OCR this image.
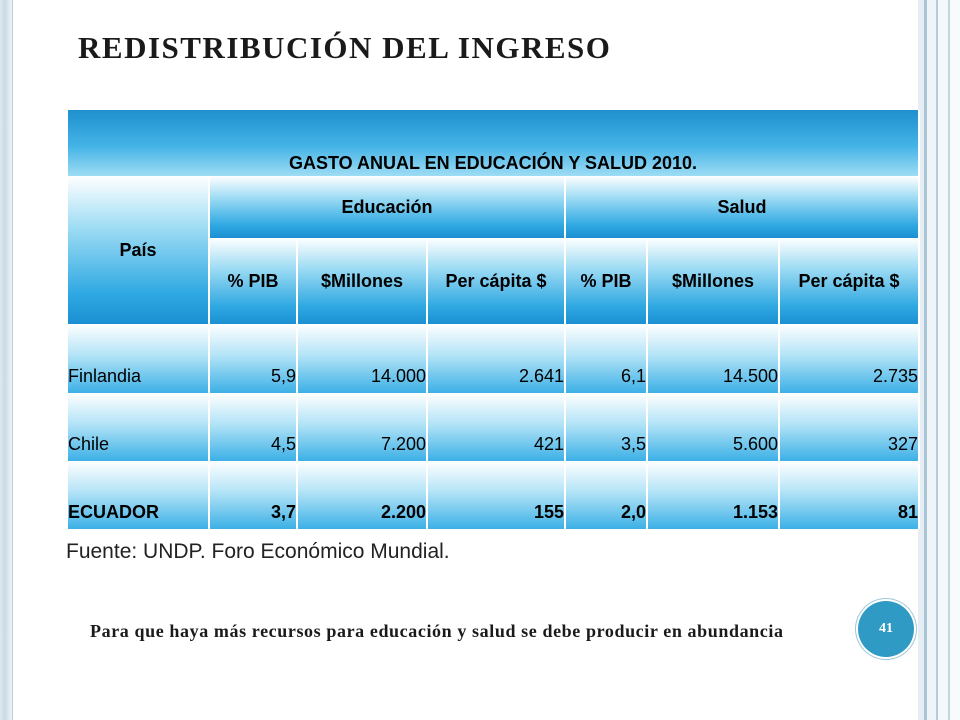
REDISTRIBUCIÓN DEL INGRESO
GASTO ANUAL EN EDUCACIÓN Y SALUD 2010.						
País	Educación			Salud		
	% PIB	$Millones	Per cápita $	% PIB	$Millones	Per cápita $
Finlandia	5,9	14.000	2.641	6,1	14.500	2.735
Chile	4,5	7.200	421	3,5	5.600	327
ECUADOR	3,7	2.200	155	2,0	1.153	81
Fuente: UNDP. Foro Económico Mundial.

Para que haya más recursos para educación y salud se debe producir en abundancia	41
